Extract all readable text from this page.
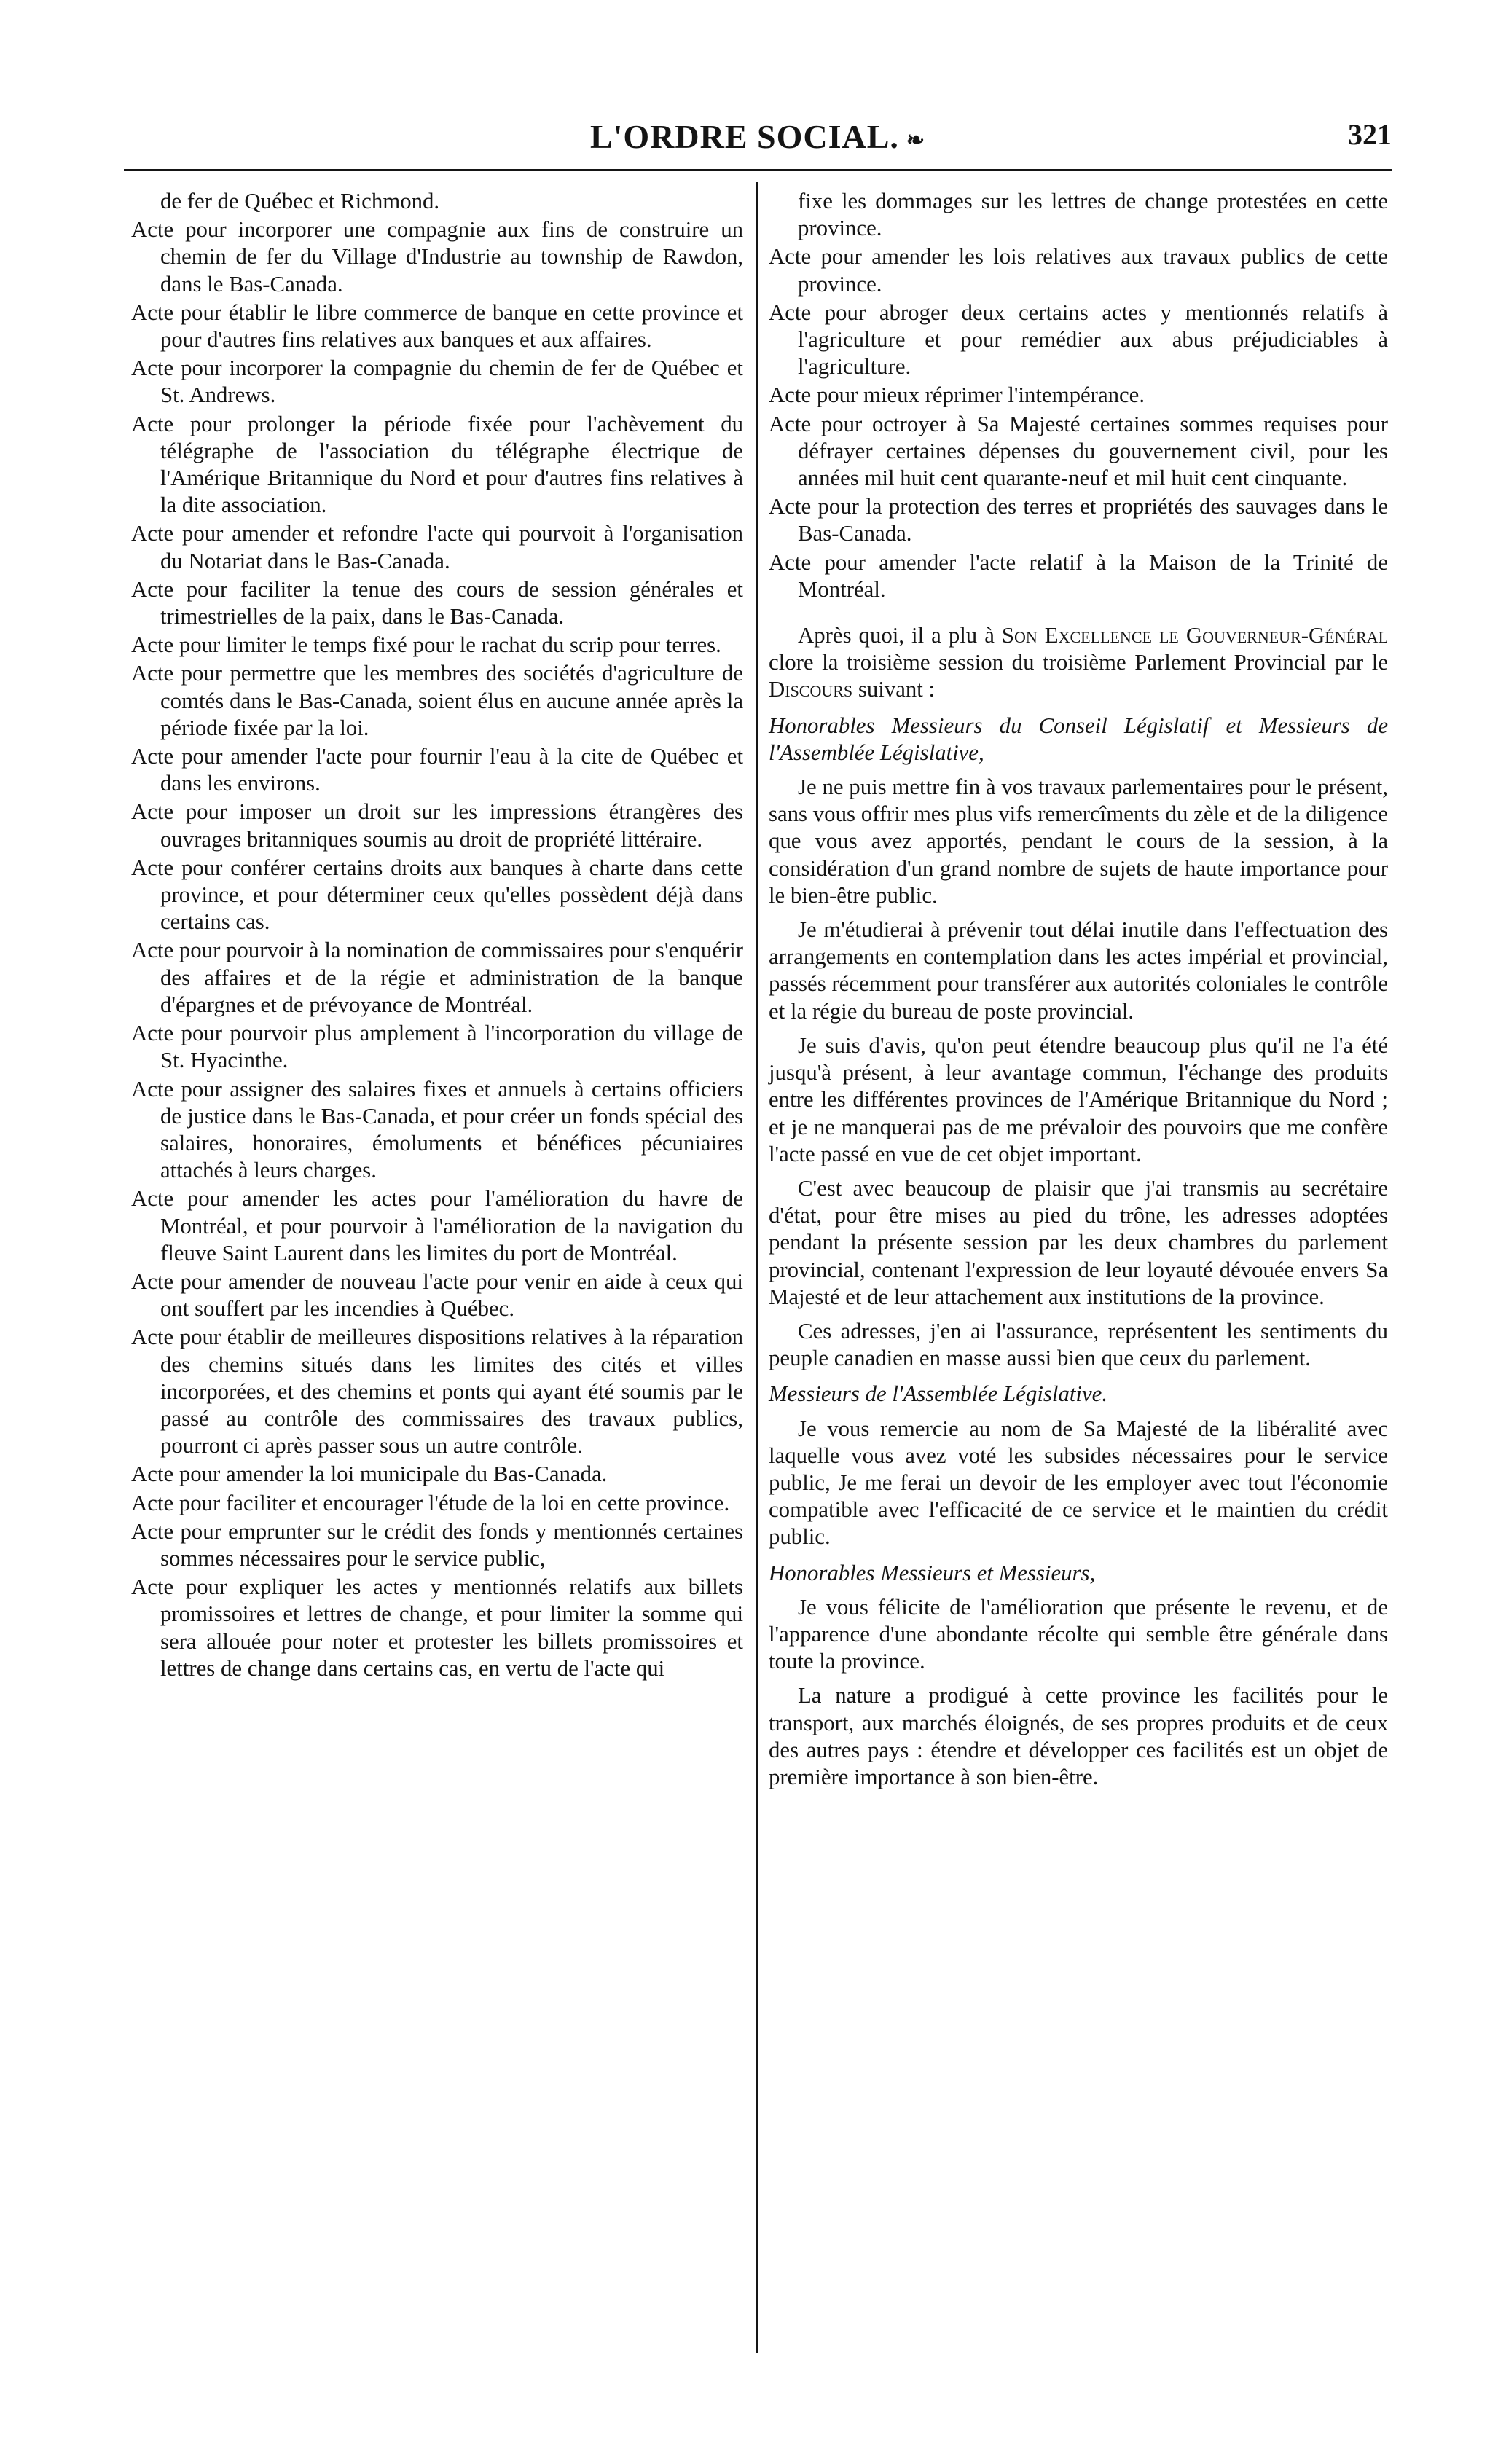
L'ORDRE SOCIAL. ❧	321

de fer de Québec et Richmond.

Acte pour incorporer une compagnie aux fins de construire un chemin de fer du Village d'Industrie au township de Rawdon, dans le Bas-Canada.

Acte pour établir le libre commerce de banque en cette province et pour d'autres fins relatives aux banques et aux affaires.

Acte pour incorporer la compagnie du chemin de fer de Québec et St. Andrews.

Acte pour prolonger la période fixée pour l'achèvement du télégraphe de l'association du télégraphe électrique de l'Amérique Britannique du Nord et pour d'autres fins relatives à la dite association.

Acte pour amender et refondre l'acte qui pourvoit à l'organisation du Notariat dans le Bas-Canada.

Acte pour faciliter la tenue des cours de session générales et trimestrielles de la paix, dans le Bas-Canada.

Acte pour limiter le temps fixé pour le rachat du scrip pour terres.

Acte pour permettre que les membres des sociétés d'agriculture de comtés dans le Bas-Canada, soient élus en aucune année après la période fixée par la loi.

Acte pour amender l'acte pour fournir l'eau à la cite de Québec et dans les environs.

Acte pour imposer un droit sur les impressions étrangères des ouvrages britanniques soumis au droit de propriété littéraire.

Acte pour conférer certains droits aux banques à charte dans cette province, et pour déterminer ceux qu'elles possèdent déjà dans certains cas.

Acte pour pourvoir à la nomination de commissaires pour s'enquérir des affaires et de la régie et administration de la banque d'épargnes et de prévoyance de Montréal.

Acte pour pourvoir plus amplement à l'incorporation du village de St. Hyacinthe.

Acte pour assigner des salaires fixes et annuels à certains officiers de justice dans le Bas-Canada, et pour créer un fonds spécial des salaires, honoraires, émoluments et bénéfices pécuniaires attachés à leurs charges.

Acte pour amender les actes pour l'amélioration du havre de Montréal, et pour pourvoir à l'amélioration de la navigation du fleuve Saint Laurent dans les limites du port de Montréal.

Acte pour amender de nouveau l'acte pour venir en aide à ceux qui ont souffert par les incendies à Québec.

Acte pour établir de meilleures dispositions relatives à la réparation des chemins situés dans les limites des cités et villes incorporées, et des chemins et ponts qui ayant été soumis par le passé au contrôle des commissaires des travaux publics, pourront ci après passer sous un autre contrôle.

Acte pour amender la loi municipale du Bas-Canada.

Acte pour faciliter et encourager l'étude de la loi en cette province.

Acte pour emprunter sur le crédit des fonds y mentionnés certaines sommes nécessaires pour le service public,

Acte pour expliquer les actes y mentionnés relatifs aux billets promissoires et lettres de change, et pour limiter la somme qui sera allouée pour noter et protester les billets promissoires et lettres de change dans certains cas, en vertu de l'acte qui

fixe les dommages sur les lettres de change protestées en cette province.

Acte pour amender les lois relatives aux travaux publics de cette province.

Acte pour abroger deux certains actes y mentionnés relatifs à l'agriculture et pour remédier aux abus préjudiciables à l'agriculture.

Acte pour mieux réprimer l'intempérance.

Acte pour octroyer à Sa Majesté certaines sommes requises pour défrayer certaines dépenses du gouvernement civil, pour les années mil huit cent quarante-neuf et mil huit cent cinquante.

Acte pour la protection des terres et propriétés des sauvages dans le Bas-Canada.

Acte pour amender l'acte relatif à la Maison de la Trinité de Montréal.

Après quoi, il a plu à Son Excellence le Gouverneur-Général clore la troisième session du troisième Parlement Provincial par le Discours suivant :

Honorables Messieurs du Conseil Législatif et Messieurs de l'Assemblée Législative,

Je ne puis mettre fin à vos travaux parlementaires pour le présent, sans vous offrir mes plus vifs remercîments du zèle et de la diligence que vous avez apportés, pendant le cours de la session, à la considération d'un grand nombre de sujets de haute importance pour le bien-être public.

Je m'étudierai à prévenir tout délai inutile dans l'effectuation des arrangements en contemplation dans les actes impérial et provincial, passés récemment pour transférer aux autorités coloniales le contrôle et la régie du bureau de poste provincial.

Je suis d'avis, qu'on peut étendre beaucoup plus qu'il ne l'a été jusqu'à présent, à leur avantage commun, l'échange des produits entre les différentes provinces de l'Amérique Britannique du Nord ; et je ne manquerai pas de me prévaloir des pouvoirs que me confère l'acte passé en vue de cet objet important.

C'est avec beaucoup de plaisir que j'ai transmis au secrétaire d'état, pour être mises au pied du trône, les adresses adoptées pendant la présente session par les deux chambres du parlement provincial, contenant l'expression de leur loyauté dévouée envers Sa Majesté et de leur attachement aux institutions de la province.

Ces adresses, j'en ai l'assurance, représentent les sentiments du peuple canadien en masse aussi bien que ceux du parlement.

Messieurs de l'Assemblée Législative.

Je vous remercie au nom de Sa Majesté de la libéralité avec laquelle vous avez voté les subsides nécessaires pour le service public, Je me ferai un devoir de les employer avec tout l'économie compatible avec l'efficacité de ce service et le maintien du crédit public.

Honorables Messieurs et Messieurs,

Je vous félicite de l'amélioration que présente le revenu, et de l'apparence d'une abondante récolte qui semble être générale dans toute la province.

La nature a prodigué à cette province les facilités pour le transport, aux marchés éloignés, de ses propres produits et de ceux des autres pays : étendre et développer ces facilités est un objet de première importance à son bien-être.
